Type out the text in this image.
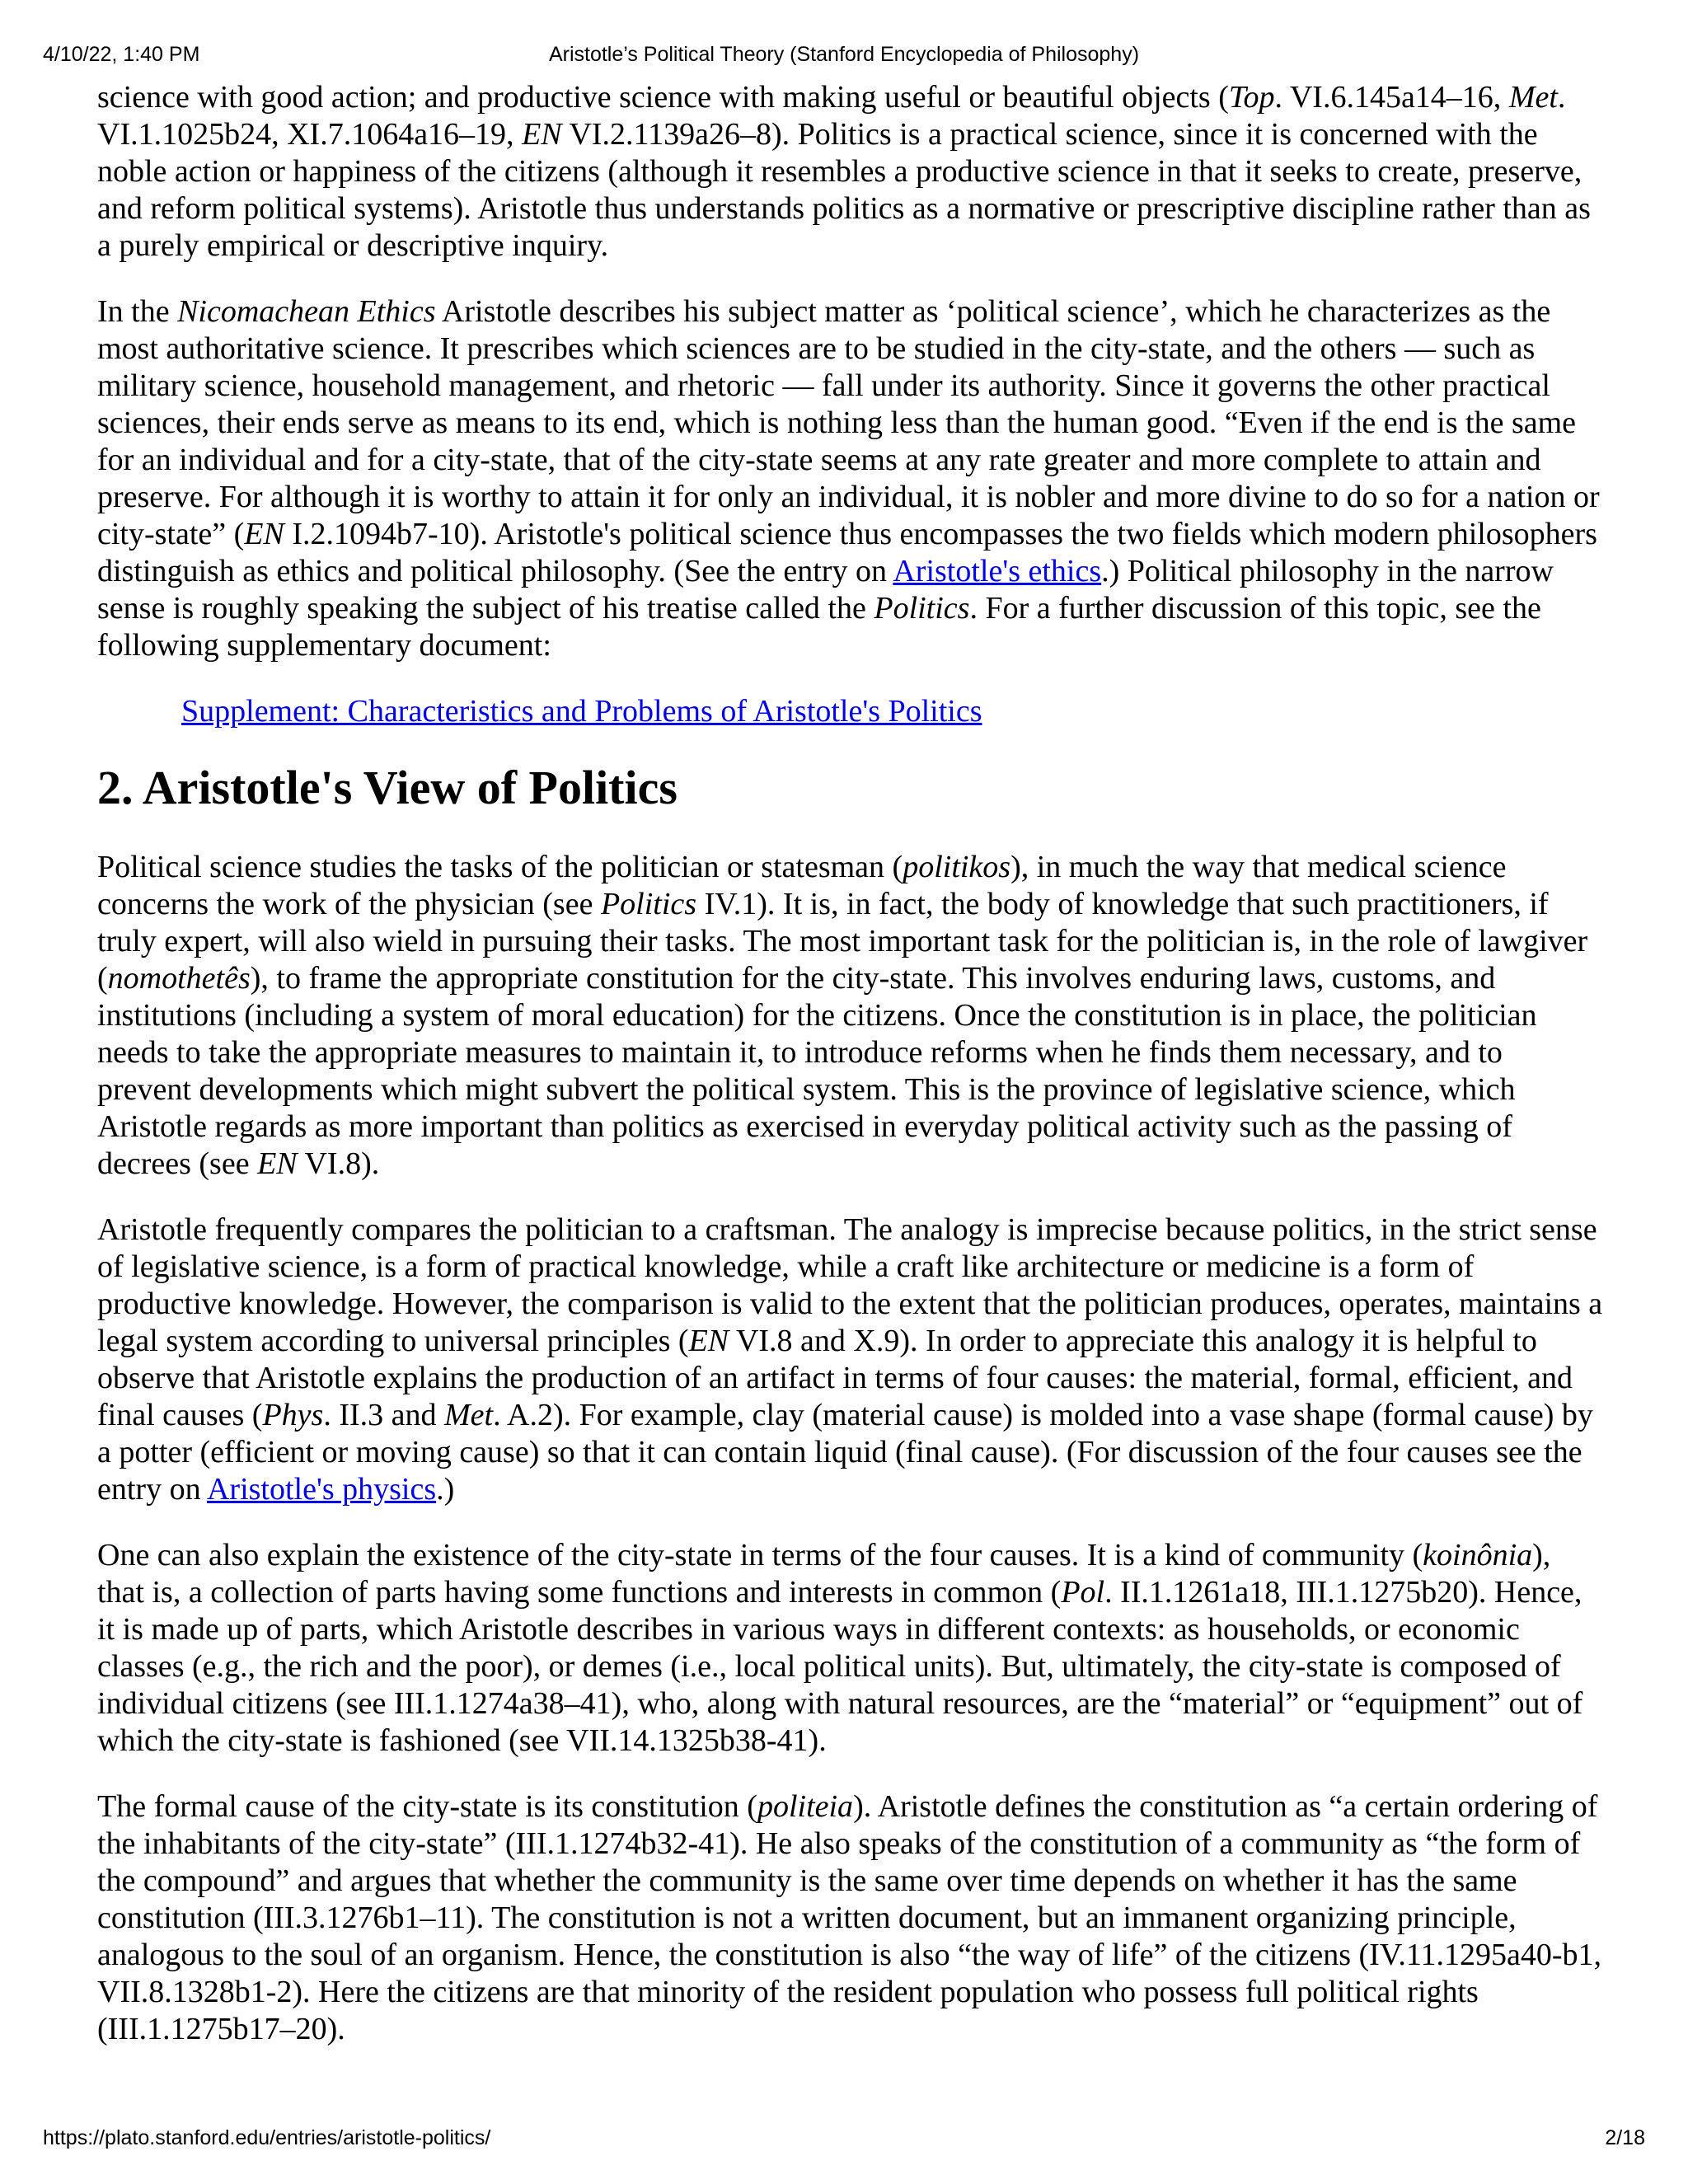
4/10/22, 1:40 PM	Aristotle’s Political Theory (Stanford Encyclopedia of Philosophy)

science with good action; and productive science with making useful or beautiful objects (Top. VI.6.145a14–16, Met. VI.1.1025b24, XI.7.1064a16–19, EN VI.2.1139a26–8). Politics is a practical science, since it is concerned with the noble action or happiness of the citizens (although it resembles a productive science in that it seeks to create, preserve, and reform political systems). Aristotle thus understands politics as a normative or prescriptive discipline rather than as a purely empirical or descriptive inquiry.

In the Nicomachean Ethics Aristotle describes his subject matter as ‘political science’, which he characterizes as the most authoritative science. It prescribes which sciences are to be studied in the city-state, and the others — such as military science, household management, and rhetoric — fall under its authority. Since it governs the other practical sciences, their ends serve as means to its end, which is nothing less than the human good. “Even if the end is the same for an individual and for a city-state, that of the city-state seems at any rate greater and more complete to attain and preserve. For although it is worthy to attain it for only an individual, it is nobler and more divine to do so for a nation or city-state” (EN I.2.1094b7-10). Aristotle's political science thus encompasses the two fields which modern philosophers distinguish as ethics and political philosophy. (See the entry on Aristotle's ethics.) Political philosophy in the narrow sense is roughly speaking the subject of his treatise called the Politics. For a further discussion of this topic, see the following supplementary document:

Supplement: Characteristics and Problems of Aristotle's Politics
2. Aristotle's View of Politics

Political science studies the tasks of the politician or statesman (politikos), in much the way that medical science concerns the work of the physician (see Politics IV.1). It is, in fact, the body of knowledge that such practitioners, if truly expert, will also wield in pursuing their tasks. The most important task for the politician is, in the role of lawgiver (nomothetês), to frame the appropriate constitution for the city-state. This involves enduring laws, customs, and institutions (including a system of moral education) for the citizens. Once the constitution is in place, the politician needs to take the appropriate measures to maintain it, to introduce reforms when he finds them necessary, and to prevent developments which might subvert the political system. This is the province of legislative science, which Aristotle regards as more important than politics as exercised in everyday political activity such as the passing of decrees (see EN VI.8).

Aristotle frequently compares the politician to a craftsman. The analogy is imprecise because politics, in the strict sense of legislative science, is a form of practical knowledge, while a craft like architecture or medicine is a form of productive knowledge. However, the comparison is valid to the extent that the politician produces, operates, maintains a legal system according to universal principles (EN VI.8 and X.9). In order to appreciate this analogy it is helpful to observe that Aristotle explains the production of an artifact in terms of four causes: the material, formal, efficient, and final causes (Phys. II.3 and Met. A.2). For example, clay (material cause) is molded into a vase shape (formal cause) by a potter (efficient or moving cause) so that it can contain liquid (final cause). (For discussion of the four causes see the entry on Aristotle's physics.)

One can also explain the existence of the city-state in terms of the four causes. It is a kind of community (koinônia), that is, a collection of parts having some functions and interests in common (Pol. II.1.1261a18, III.1.1275b20). Hence, it is made up of parts, which Aristotle describes in various ways in different contexts: as households, or economic classes (e.g., the rich and the poor), or demes (i.e., local political units). But, ultimately, the city-state is composed of individual citizens (see III.1.1274a38–41), who, along with natural resources, are the “material” or “equipment” out of which the city-state is fashioned (see VII.14.1325b38-41).

The formal cause of the city-state is its constitution (politeia). Aristotle defines the constitution as “a certain ordering of the inhabitants of the city-state” (III.1.1274b32-41). He also speaks of the constitution of a community as “the form of the compound” and argues that whether the community is the same over time depends on whether it has the same constitution (III.3.1276b1–11). The constitution is not a written document, but an immanent organizing principle, analogous to the soul of an organism. Hence, the constitution is also “the way of life” of the citizens (IV.11.1295a40-b1, VII.8.1328b1-2). Here the citizens are that minority of the resident population who possess full political rights (III.1.1275b17–20).

https://plato.stanford.edu/entries/aristotle-politics/	2/18
